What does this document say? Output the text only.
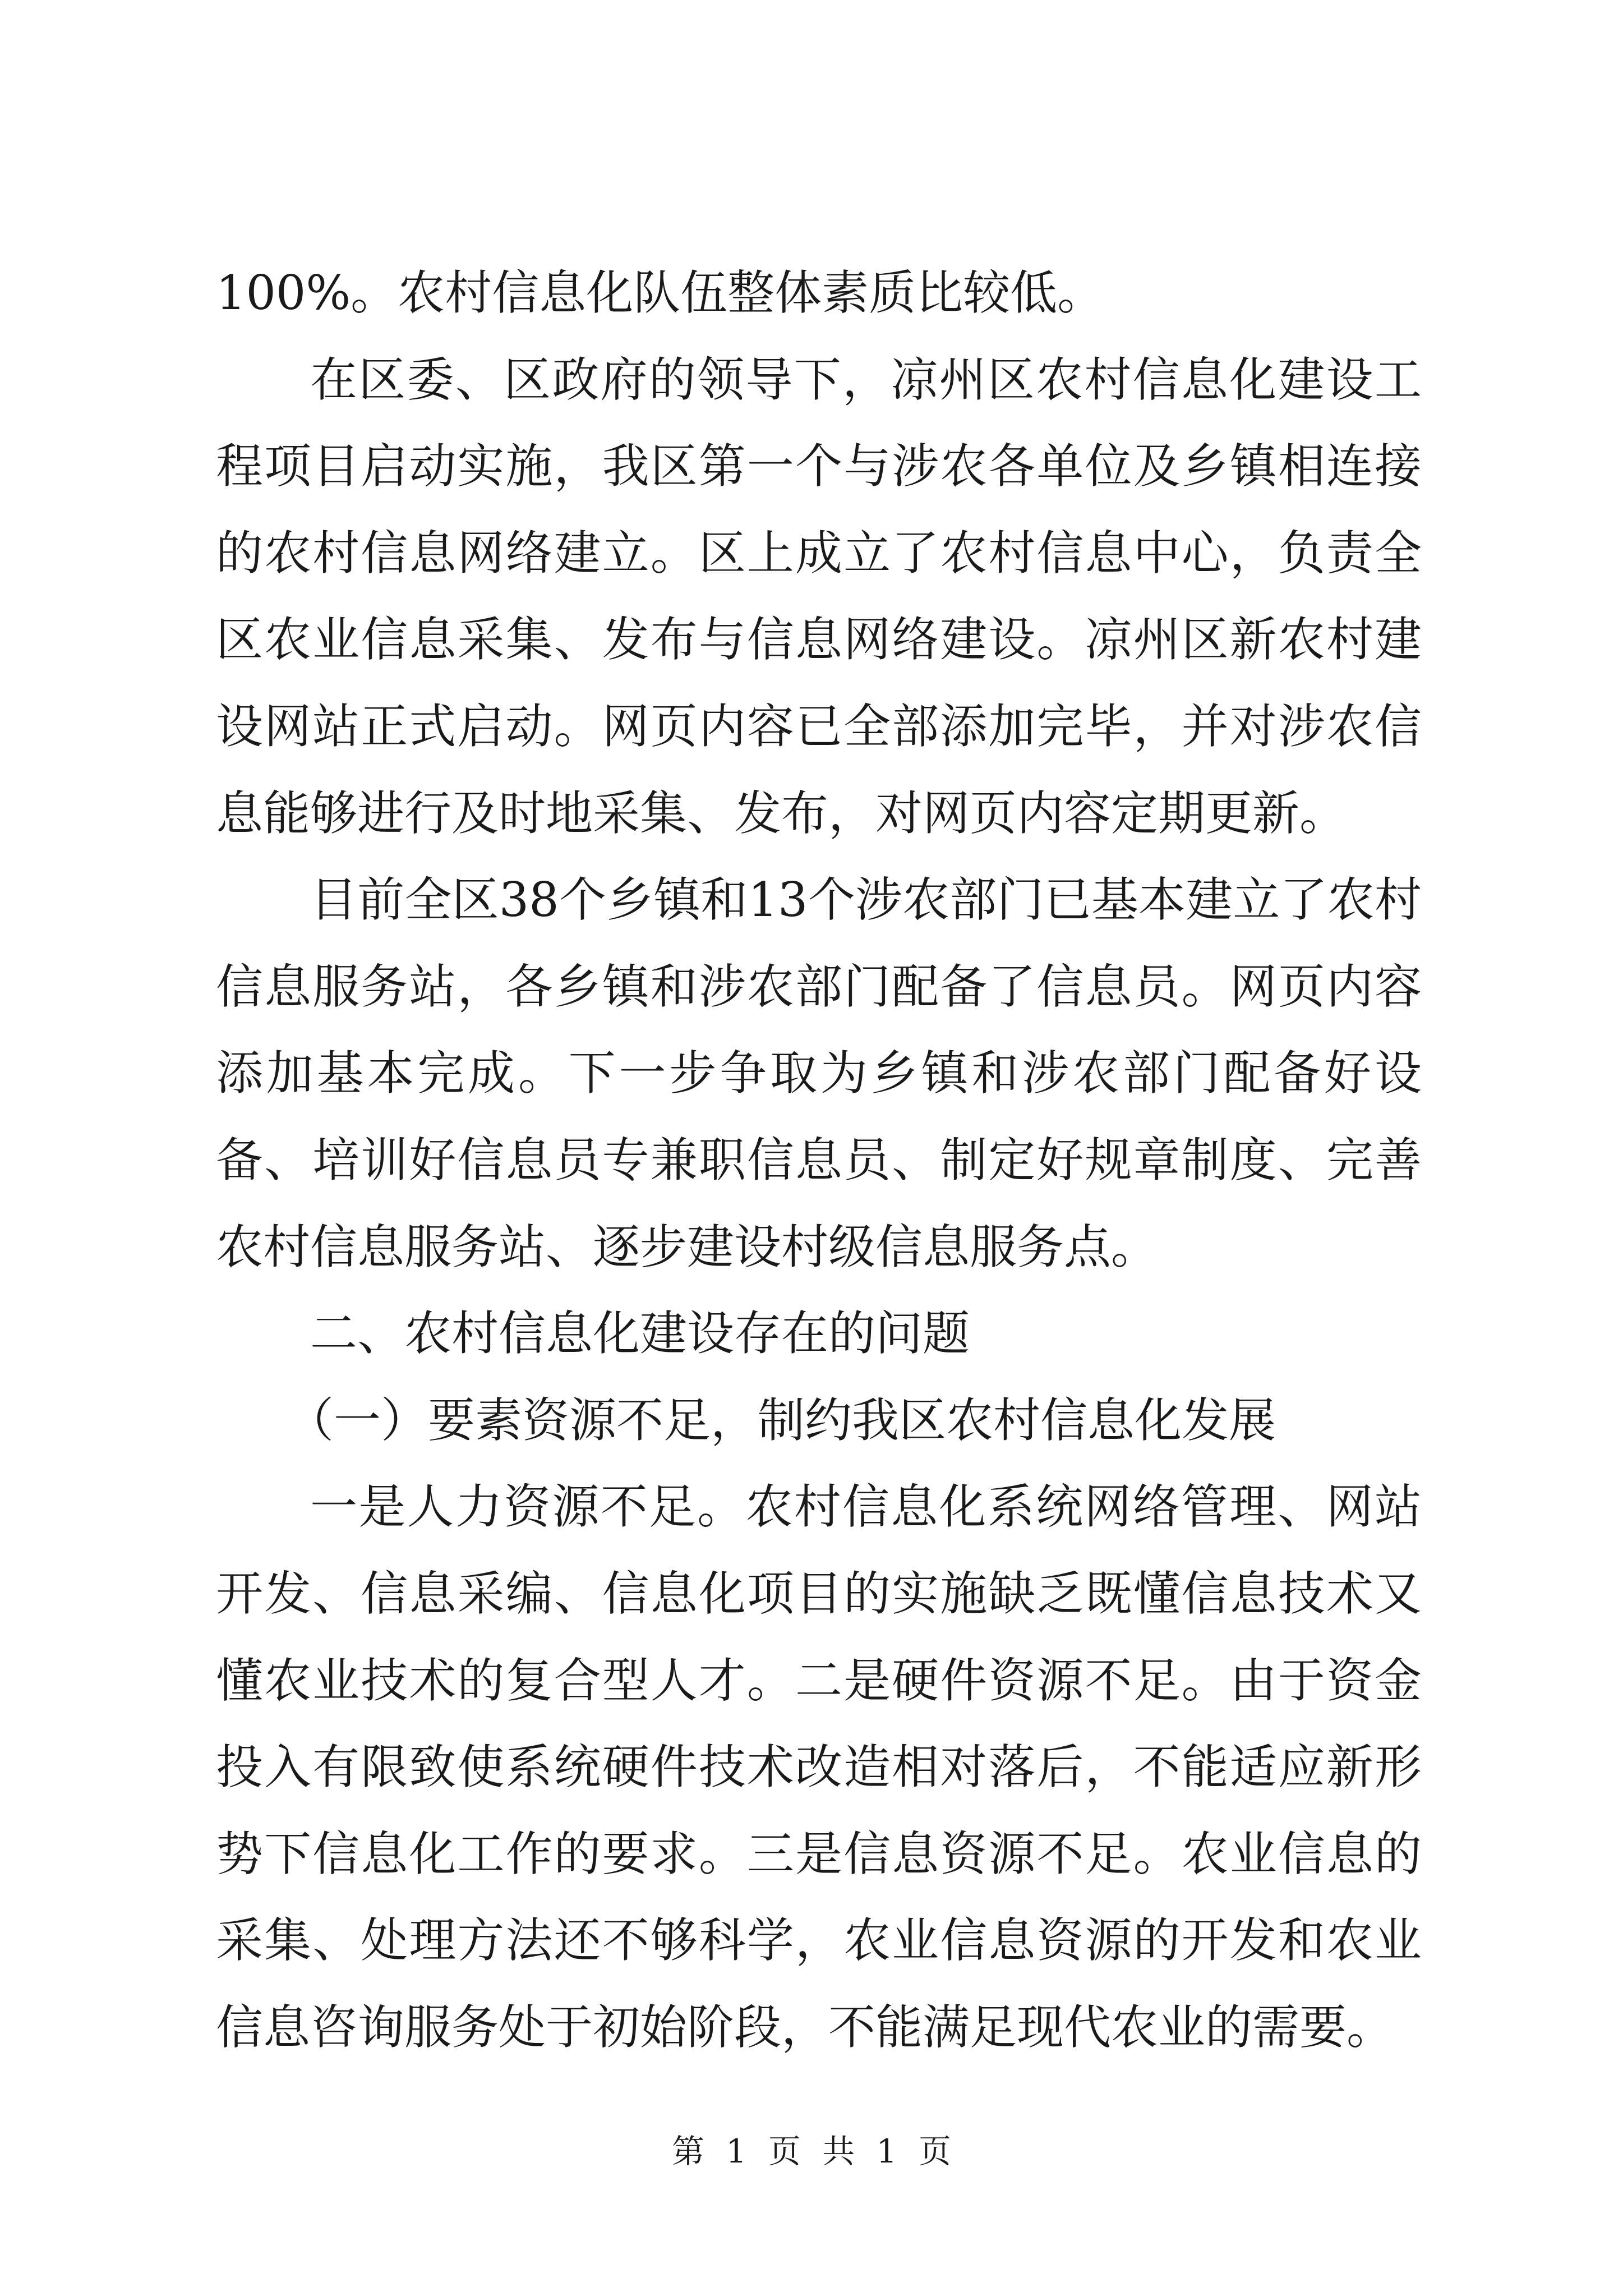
100%。农村信息化队伍整体素质比较低。

在区委、区政府的领导下，凉州区农村信息化建设工程项目启动实施，我区第一个与涉农各单位及乡镇相连接的农村信息网络建立。区上成立了农村信息中心，负责全区农业信息采集、发布与信息网络建设。凉州区新农村建设网站正式启动。网页内容已全部添加完毕，并对涉农信息能够进行及时地采集、发布，对网页内容定期更新。

目前全区38个乡镇和13个涉农部门已基本建立了农村信息服务站，各乡镇和涉农部门配备了信息员。网页内容添加基本完成。下一步争取为乡镇和涉农部门配备好设备、培训好信息员专兼职信息员、制定好规章制度、完善农村信息服务站、逐步建设村级信息服务点。

二、农村信息化建设存在的问题

（一）要素资源不足，制约我区农村信息化发展

一是人力资源不足。农村信息化系统网络管理、网站开发、信息采编、信息化项目的实施缺乏既懂信息技术又懂农业技术的复合型人才。二是硬件资源不足。由于资金投入有限致使系统硬件技术改造相对落后，不能适应新形势下信息化工作的要求。三是信息资源不足。农业信息的采集、处理方法还不够科学，农业信息资源的开发和农业信息咨询服务处于初始阶段，不能满足现代农业的需要。

第 1 页 共 1 页
